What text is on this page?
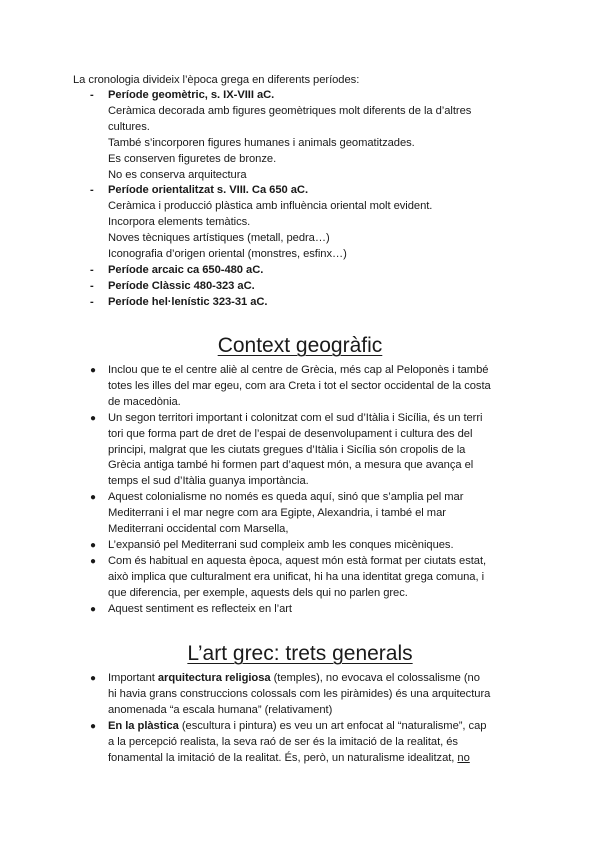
La cronologia divideix l’època grega en diferents períodes:
- Període geomètric, s. IX-VIII aC.
Ceràmica decorada amb figures geomètriques molt diferents de la d’altres
cultures.
També s’incorporen figures humanes i animals geomatitzades.
Es conserven figuretes de bronze.
No es conserva arquitectura
- Període orientalitzat s. VIII. Ca 650 aC.
Ceràmica i producció plàstica amb influència oriental molt evident.
Incorpora elements temàtics.
Noves tècniques artístiques (metall, pedra…)
Iconografia d’origen oriental (monstres, esfinx…)
- Període arcaic ca 650-480 aC.
- Període Clàssic 480-323 aC.
- Període hel·lenístic 323-31 aC.
Context geogràfic
● Inclou que te el centre aliè al centre de Grècia, més cap al Peloponès i també
totes les illes del mar egeu, com ara Creta i tot el sector occidental de la costa
de macedònia.
● Un segon territori important i colonitzat com el sud d’Itàlia i Sicília, és un terri
tori que forma part de dret de l’espai de desenvolupament i cultura des del
principi, malgrat que les ciutats gregues d’Itàlia i Sicília són cropolis de la
Grècia antiga també hi formen part d’aquest món, a mesura que avança el
temps el sud d’Itàlia guanya importància.
● Aquest colonialisme no només es queda aquí, sinó que s’amplia pel mar
Mediterrani i el mar negre com ara Egipte, Alexandria, i també el mar
Mediterrani occidental com Marsella,
● L’expansió pel Mediterrani sud compleix amb les conques micèniques.
● Com és habitual en aquesta època, aquest món està format per ciutats estat,
això implica que culturalment era unificat, hi ha una identitat grega comuna, i
que diferencia, per exemple, aquests dels qui no parlen grec.
● Aquest sentiment es reflecteix en l’art
L’art grec: trets generals
● Important arquitectura religiosa (temples), no evocava el colossalisme (no
hi havia grans construccions colossals com les piràmides) és una arquitectura
anomenada “a escala humana” (relativament)
● En la plàstica (escultura i pintura) es veu un art enfocat al “naturalisme”, cap
a la percepció realista, la seva raó de ser és la imitació de la realitat, és
fonamental la imitació de la realitat. És, però, un naturalisme idealitzat, no
